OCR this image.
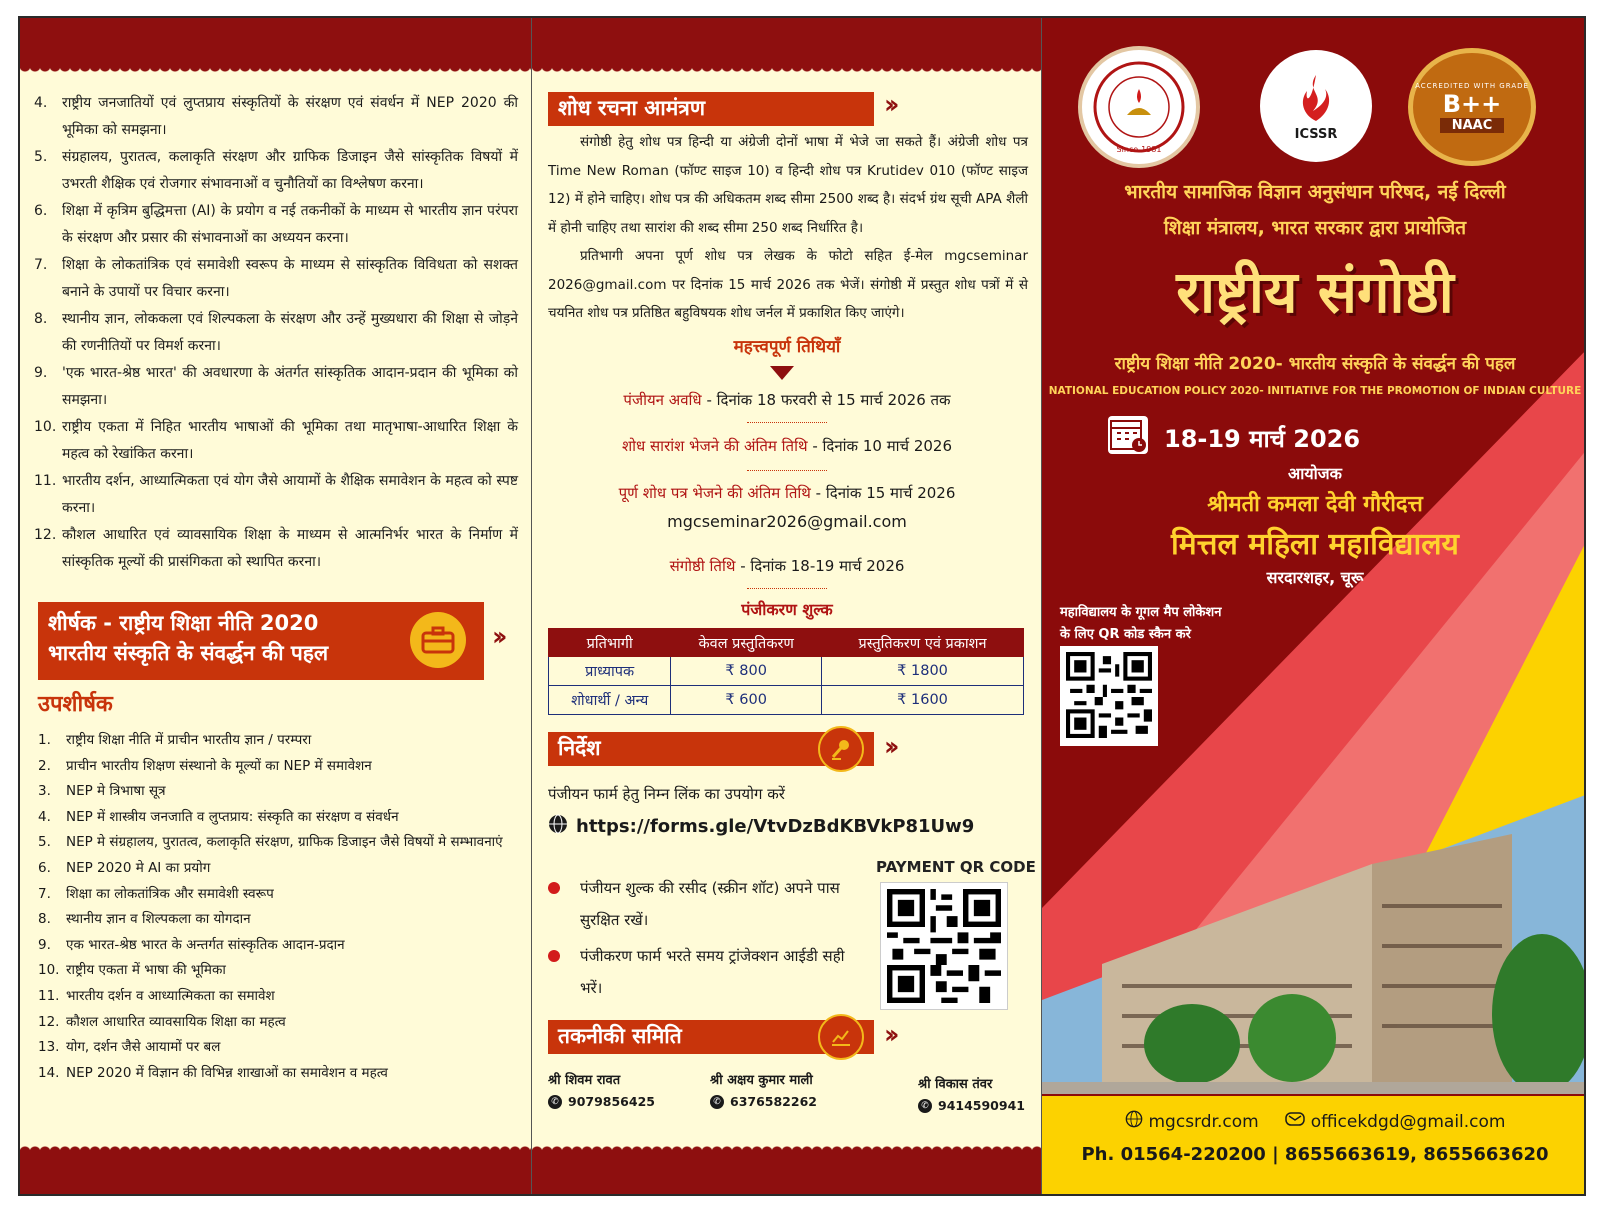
4.	राष्ट्रीय जनजातियों एवं लुप्तप्राय संस्कृतियों के संरक्षण एवं संवर्धन में NEP 2020 की भूमिका को समझना।
5.	संग्रहालय, पुरातत्व, कलाकृति संरक्षण और ग्राफिक डिजाइन जैसे सांस्कृतिक विषयों में उभरती शैक्षिक एवं रोजगार संभावनाओं व चुनौतियों का विश्लेषण करना।
6.	शिक्षा में कृत्रिम बुद्धिमत्ता (AI) के प्रयोग व नई तकनीकों के माध्यम से भारतीय ज्ञान परंपरा के संरक्षण और प्रसार की संभावनाओं का अध्ययन करना।
7.	शिक्षा के लोकतांत्रिक एवं समावेशी स्वरूप के माध्यम से सांस्कृतिक विविधता को सशक्त बनाने के उपायों पर विचार करना।
8.	स्थानीय ज्ञान, लोककला एवं शिल्पकला के संरक्षण और उन्हें मुख्यधारा की शिक्षा से जोड़ने की रणनीतियों पर विमर्श करना।
9.	'एक भारत-श्रेष्ठ भारत' की अवधारणा के अंतर्गत सांस्कृतिक आदान-प्रदान की भूमिका को समझना।
10. राष्ट्रीय एकता में निहित भारतीय भाषाओं की भूमिका तथा मातृभाषा-आधारित शिक्षा के महत्व को रेखांकित करना।
11. भारतीय दर्शन, आध्यात्मिकता एवं योग जैसे आयामों के शैक्षिक समावेशन के महत्व को स्पष्ट करना।
12. कौशल आधारित एवं व्यावसायिक शिक्षा के माध्यम से आत्मनिर्भर भारत के निर्माण में सांस्कृतिक मूल्यों की प्रासंगिकता को स्थापित करना।
शीर्षक - राष्ट्रीय शिक्षा नीति 2020
भारतीय संस्कृति के संवर्द्धन की पहल
››
उपशीर्षक
1.	राष्ट्रीय शिक्षा नीति में प्राचीन भारतीय ज्ञान / परम्परा
2.	प्राचीन भारतीय शिक्षण संस्थानो के मूल्यों का NEP में समावेशन
3.	NEP मे त्रिभाषा सूत्र
4.	NEP में शास्त्रीय जनजाति व लुप्तप्राय: संस्कृति का संरक्षण व संवर्धन
5.	NEP मे संग्रहालय, पुरातत्व, कलाकृति संरक्षण, ग्राफिक डिजाइन जैसे विषयों मे सम्भावनाएं
6.	NEP 2020 मे AI का प्रयोग
7.	शिक्षा का लोकतांत्रिक और समावेशी स्वरूप
8.	स्थानीय ज्ञान व शिल्पकला का योगदान
9.	एक भारत-श्रेष्ठ भारत के अन्तर्गत सांस्कृतिक आदान-प्रदान
10. राष्ट्रीय एकता में भाषा की भूमिका
11. भारतीय दर्शन व आध्यात्मिकता का समावेश
12. कौशल आधारित व्यावसायिक शिक्षा का महत्व
13. योग, दर्शन जैसे आयामों पर बल
14. NEP 2020 में विज्ञान की विभिन्न शाखाओं का समावेशन व महत्व
शोध रचना आमंत्रण	››

संगोष्ठी हेतु शोध पत्र हिन्दी या अंग्रेजी दोनों भाषा में भेजे जा सकते हैं। अंग्रेजी शोध पत्र Time New Roman (फॉण्ट साइज 10) व हिन्दी शोध पत्र Krutidev 010 (फॉण्ट साइज 12) में होने चाहिए। शोध पत्र की अधिकतम शब्द सीमा 2500 शब्द है। संदर्भ ग्रंथ सूची APA शैली में होनी चाहिए तथा सारांश की शब्द सीमा 250 शब्द निर्धारित है।

प्रतिभागी अपना पूर्ण शोध पत्र लेखक के फोटो सहित ई-मेल mgcseminar 2026@gmail.com पर दिनांक 15 मार्च 2026 तक भेजें। संगोष्ठी में प्रस्तुत शोध पत्रों में से चयनित शोध पत्र प्रतिष्ठित बहुविषयक शोध जर्नल में प्रकाशित किए जाएंगे।

महत्त्वपूर्ण तिथियाँ
पंजीयन अवधि - दिनांक 18 फरवरी से 15 मार्च 2026 तक
शोध सारांश भेजने की अंतिम तिथि - दिनांक 10 मार्च 2026
पूर्ण शोध पत्र भेजने की अंतिम तिथि - दिनांक 15 मार्च 2026
mgcseminar2026@gmail.com
संगोष्ठी तिथि - दिनांक 18-19 मार्च 2026
पंजीकरण शुल्क
प्रतिभागी	केवल प्रस्तुतिकरण	प्रस्तुतिकरण एवं प्रकाशन
प्राध्यापक	₹ 800	₹ 1800
शोधार्थी / अन्य	₹ 600	₹ 1600
निर्देश	››
पंजीयन फार्म हेतु निम्न लिंक का उपयोग करें
https://forms.gle/VtvDzBdKBVkP81Uw9
पंजीयन शुल्क की रसीद (स्क्रीन शॉट) अपने पास सुरक्षित रखें।
पंजीकरण फार्म भरते समय ट्रांजेक्शन आईडी सही भरें।
PAYMENT QR CODE
तकनीकी समिति	››
श्री शिवम रावत
✆ 9079856425
श्री अक्षय कुमार माली
✆ 6376582262
श्री विकास तंवर
✆ 9414590941
Since-1981
ICSSR
ACCREDITED WITH GRADE
B++
NAAC
भारतीय सामाजिक विज्ञान अनुसंधान परिषद, नई दिल्ली
शिक्षा मंत्रालय, भारत सरकार द्वारा प्रायोजित
राष्ट्रीय संगोष्ठी
राष्ट्रीय शिक्षा नीति 2020- भारतीय संस्कृति के संवर्द्धन की पहल
NATIONAL EDUCATION POLICY 2020- INITIATIVE FOR THE PROMOTION OF INDIAN CULTURE
18-19 मार्च 2026
आयोजक
श्रीमती कमला देवी गौरीदत्त
मित्तल महिला महाविद्यालय
सरदारशहर, चूरू
महाविद्यालय के गूगल मैप लोकेशन
के लिए QR कोड स्कैन करे
mgcsrdr.com	officekdgd@gmail.com
Ph. 01564-220200 | 8655663619, 8655663620
